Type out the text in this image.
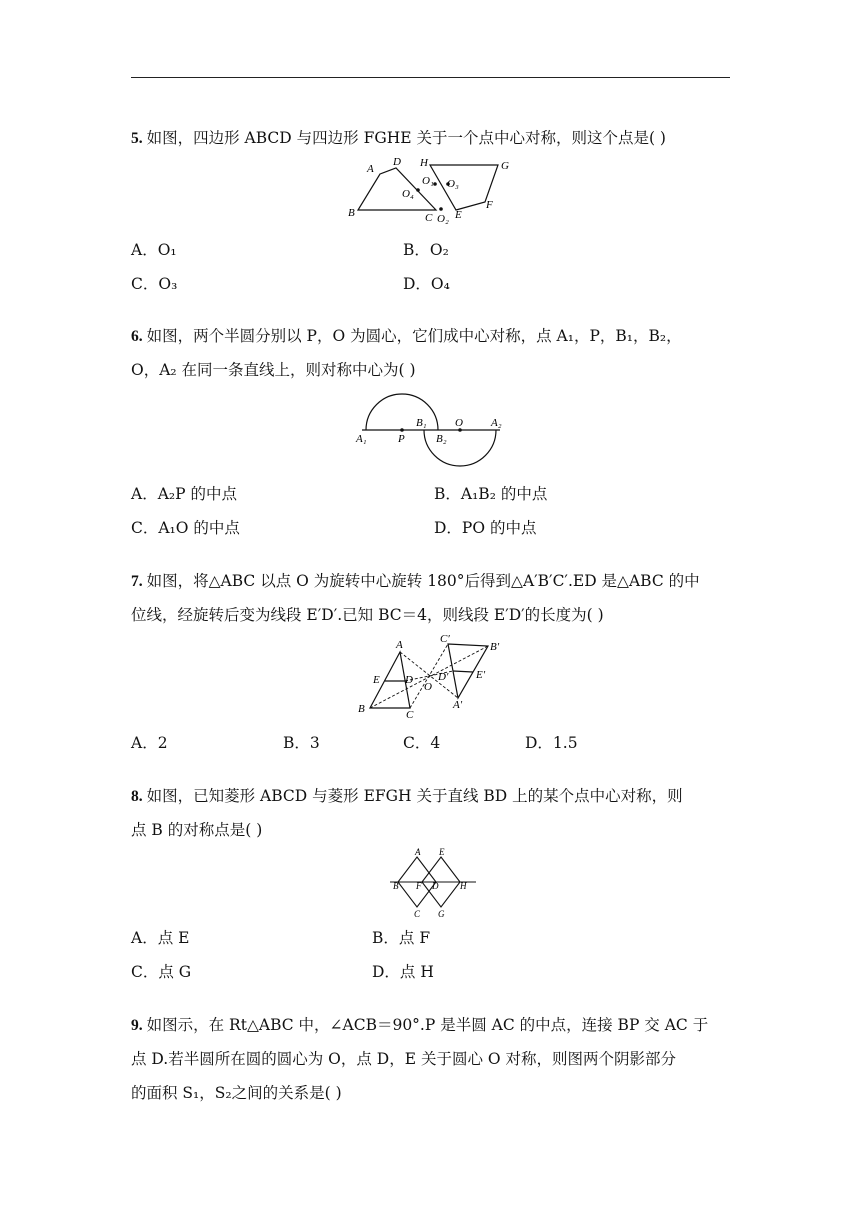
5. 如图，四边形 ABCD 与四边形 FGHE 关于一个点中心对称，则这个点是( )
A
D H	G
O₁ O₃
O₄
B	C O₂ E
F
A．O₁	B．O₂
C．O₃	D．O₄
6. 如图，两个半圆分别以 P，O 为圆心，它们成中心对称，点 A₁，P，B₁，B₂，
O，A₂ 在同一条直线上，则对称中心为( )
A₁	P
B₁
B₂
O	A₂
A．A₂P 的中点	B．A₁B₂ 的中点
C．A₁O 的中点	D．PO 的中点
7. 如图，将△ABC 以点 O 为旋转中心旋转 180°后得到△A′B′C′.ED 是△ABC 的中
位线，经旋转后变为线段 E′D′.已知 BC＝4，则线段 E′D′的长度为( )
A	C′
B′
E D D′
O
E′
B	C
A′
A．2	B．3	C．4	D．1.5
8. 如图，已知菱形 ABCD 与菱形 EFGH 关于直线 BD 上的某个点中心对称，则
点 B 的对称点是( )
A E
B F D H
C G
A．点 E	B．点 F
C．点 G	D．点 H
9. 如图示，在 Rt△ABC 中，∠ACB＝90°.P 是半圆 AC 的中点，连接 BP 交 AC 于
点 D.若半圆所在圆的圆心为 O，点 D，E 关于圆心 O 对称，则图两个阴影部分
的面积 S₁，S₂之间的关系是( )
